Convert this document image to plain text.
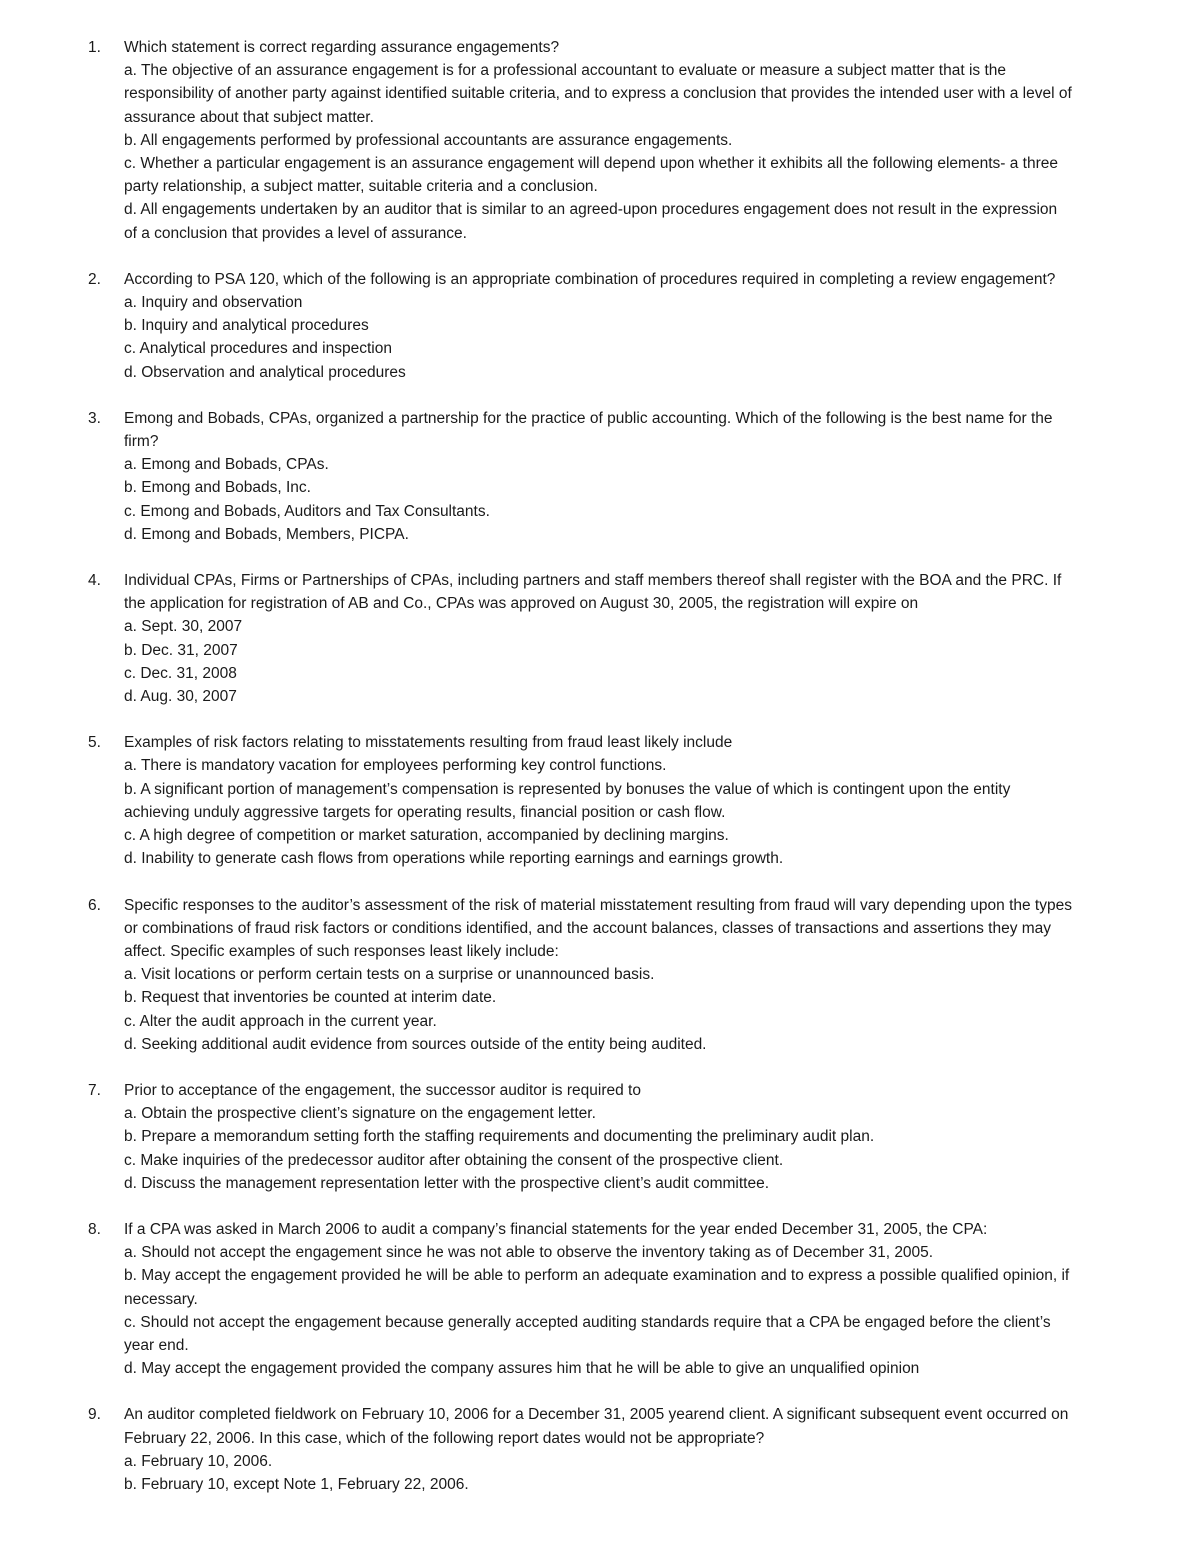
1. Which statement is correct regarding assurance engagements?
a. The objective of an assurance engagement is for a professional accountant to evaluate or measure a subject matter that is the responsibility of another party against identified suitable criteria, and to express a conclusion that provides the intended user with a level of assurance about that subject matter.
b. All engagements performed by professional accountants are assurance engagements.
c. Whether a particular engagement is an assurance engagement will depend upon whether it exhibits all the following elements- a three party relationship, a subject matter, suitable criteria and a conclusion.
d. All engagements undertaken by an auditor that is similar to an agreed-upon procedures engagement does not result in the expression of a conclusion that provides a level of assurance.
2. According to PSA 120, which of the following is an appropriate combination of procedures required in completing a review engagement?
a. Inquiry and observation
b. Inquiry and analytical procedures
c. Analytical procedures and inspection
d. Observation and analytical procedures
3. Emong and Bobads, CPAs, organized a partnership for the practice of public accounting. Which of the following is the best name for the firm?
a. Emong and Bobads, CPAs.
b. Emong and Bobads, Inc.
c. Emong and Bobads, Auditors and Tax Consultants.
d. Emong and Bobads, Members, PICPA.
4. Individual CPAs, Firms or Partnerships of CPAs, including partners and staff members thereof shall register with the BOA and the PRC. If the application for registration of AB and Co., CPAs was approved on August 30, 2005, the registration will expire on
a. Sept. 30, 2007
b. Dec. 31, 2007
c. Dec. 31, 2008
d. Aug. 30, 2007
5. Examples of risk factors relating to misstatements resulting from fraud least likely include
a. There is mandatory vacation for employees performing key control functions.
b. A significant portion of management’s compensation is represented by bonuses the value of which is contingent upon the entity achieving unduly aggressive targets for operating results, financial position or cash flow.
c. A high degree of competition or market saturation, accompanied by declining margins.
d. Inability to generate cash flows from operations while reporting earnings and earnings growth.
6. Specific responses to the auditor’s assessment of the risk of material misstatement resulting from fraud will vary depending upon the types or combinations of fraud risk factors or conditions identified, and the account balances, classes of transactions and assertions they may affect. Specific examples of such responses least likely include:
a. Visit locations or perform certain tests on a surprise or unannounced basis.
b. Request that inventories be counted at interim date.
c. Alter the audit approach in the current year.
d. Seeking additional audit evidence from sources outside of the entity being audited.
7. Prior to acceptance of the engagement, the successor auditor is required to
a. Obtain the prospective client’s signature on the engagement letter.
b. Prepare a memorandum setting forth the staffing requirements and documenting the preliminary audit plan.
c. Make inquiries of the predecessor auditor after obtaining the consent of the prospective client.
d. Discuss the management representation letter with the prospective client’s audit committee.
8. If a CPA was asked in March 2006 to audit a company’s financial statements for the year ended December 31, 2005, the CPA:
a. Should not accept the engagement since he was not able to observe the inventory taking as of December 31, 2005.
b. May accept the engagement provided he will be able to perform an adequate examination and to express a possible qualified opinion, if necessary.
c. Should not accept the engagement because generally accepted auditing standards require that a CPA be engaged before the client’s year end.
d. May accept the engagement provided the company assures him that he will be able to give an unqualified opinion
9. An auditor completed fieldwork on February 10, 2006 for a December 31, 2005 yearend client. A significant subsequent event occurred on February 22, 2006. In this case, which of the following report dates would not be appropriate?
a. February 10, 2006.
b. February 10, except Note 1, February 22, 2006.
